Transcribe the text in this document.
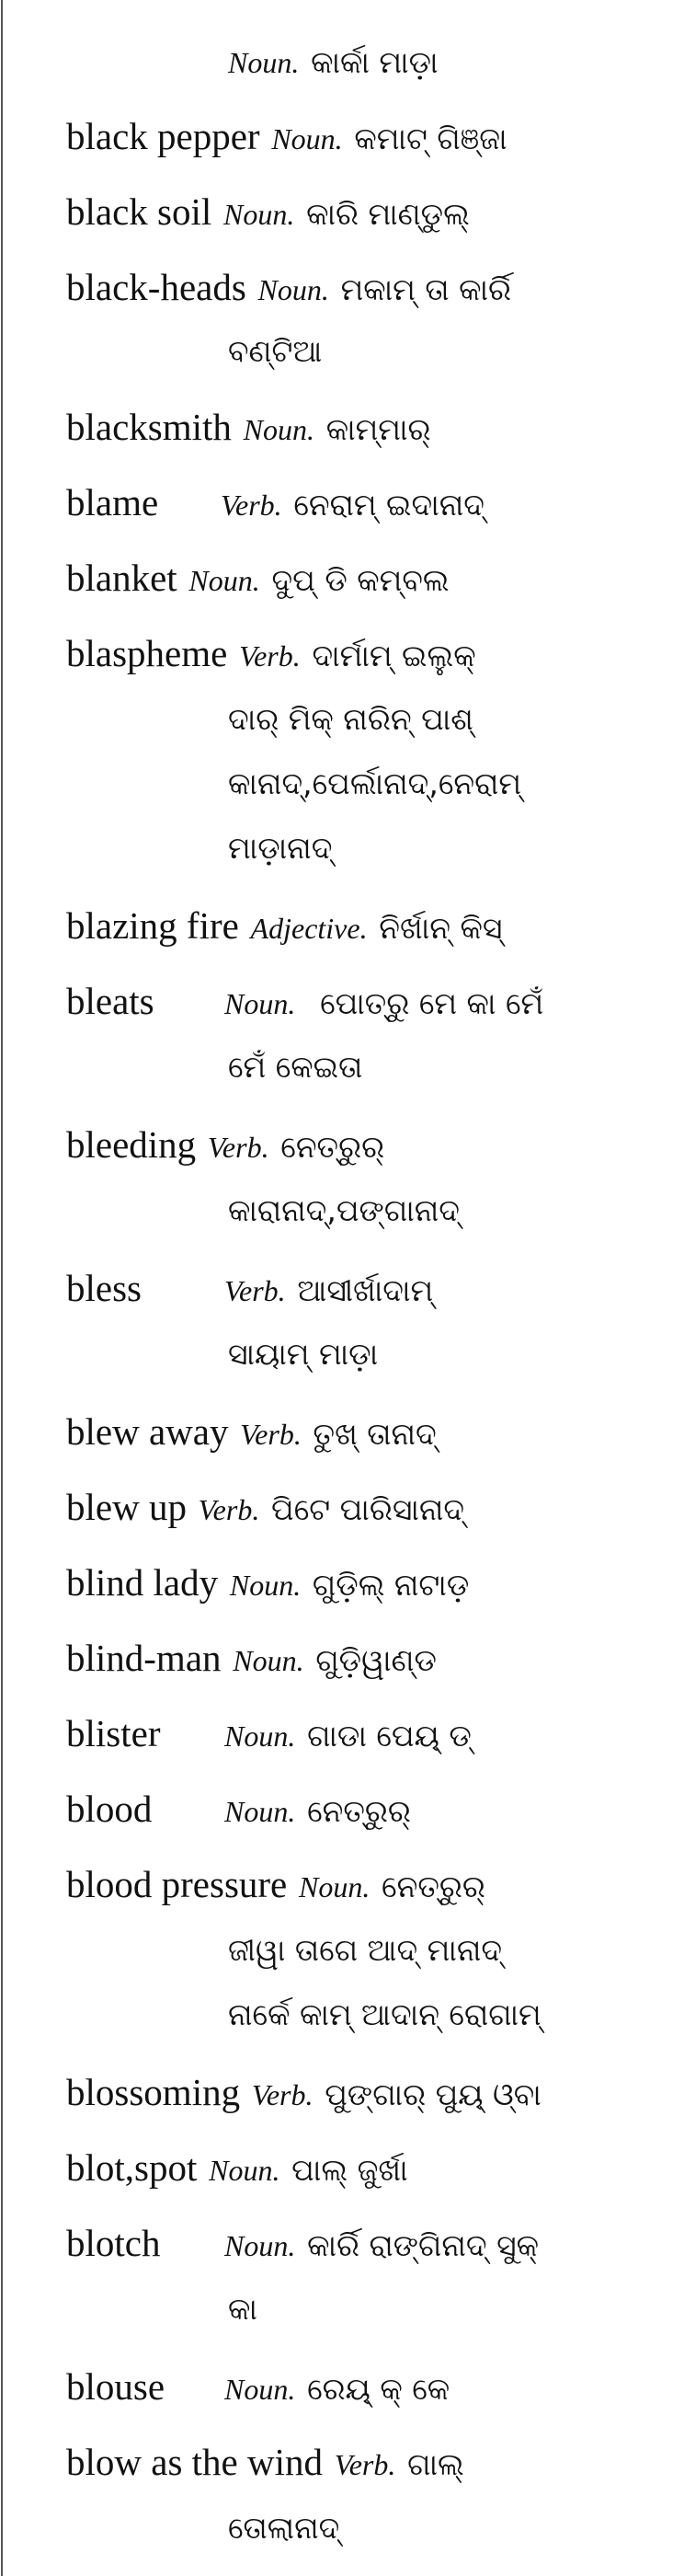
Noun. କାର୍କା ମାଡ଼ା
black pepper Noun. କମାଟ୍ ଗିଞ୍ଜା
black soil Noun. କାରି ମାଣ୍ଡୁଲ୍
black-heads Noun. ମକାମ୍ ତା କାର୍ରି
ବଣ୍ଟିଆ
blacksmith Noun. କାମ୍ମାର୍
blame Verb. ନେରାମ୍ ଇଦାନାଦ୍
blanket Noun. ଦୁପ୍ ଡି କମ୍ବଲ
blaspheme Verb. ଦାର୍ମାମ୍ ଇଲୁକ୍
ଦାର୍ ମିକ୍ ନାରିନ୍ ପାଶ୍
କାନାଦ୍,ପେର୍ଲାନାଦ୍,ନେରାମ୍
ମାଡ଼ାନାଦ୍
blazing fire Adjective. ନିର୍ଖାନ୍ କିସ୍
bleats Noun. ପୋତ୍ରୁ ମେ କା ମେଁ
ମେଁ କେଇତା
bleeding Verb. ନେତ୍ରୁର୍
କାରାନାଦ୍,ପଙ୍ଗାନାଦ୍
bless	Verb. ଆସୀର୍ଖାଦାମ୍
ସାୟାମ୍ ମାଡ଼ା
blew away Verb. ତୁଖ୍ ତାନାଦ୍
blew up Verb. ପିଟେ ପାରିସାନାଦ୍
blind lady Noun. ଗୁଡ଼ିଲ୍ ନାଟାଡ଼
blind-man Noun. ଗୁଡ଼ିୱାଣ୍ଡ
blister Noun. ଗାଡା ପେୟ୍ ଡ୍
blood Noun. ନେତ୍ରୁର୍
blood pressure Noun. ନେତ୍ରୁର୍
ଜୀୱା ତାଗେ ଆଦ୍ ମାନାଦ୍
ନାର୍କେ କାମ୍ ଆଦାନ୍ ରୋଗାମ୍
blossoming Verb. ପୁଙ୍ଗାର୍ ପୁୟ୍ ଓ୍ବା
blot,spot Noun. ପାଲ୍ ଜୁର୍ଖା
blotch Noun. କାର୍ରି ରାଙ୍ଗିନାଦ୍ ସୁକ୍
କା
blouse Noun. ରେୟ୍ କ୍ କେ
blow as the wind Verb. ଗାଲ୍
ତୋଲାନାଦ୍
